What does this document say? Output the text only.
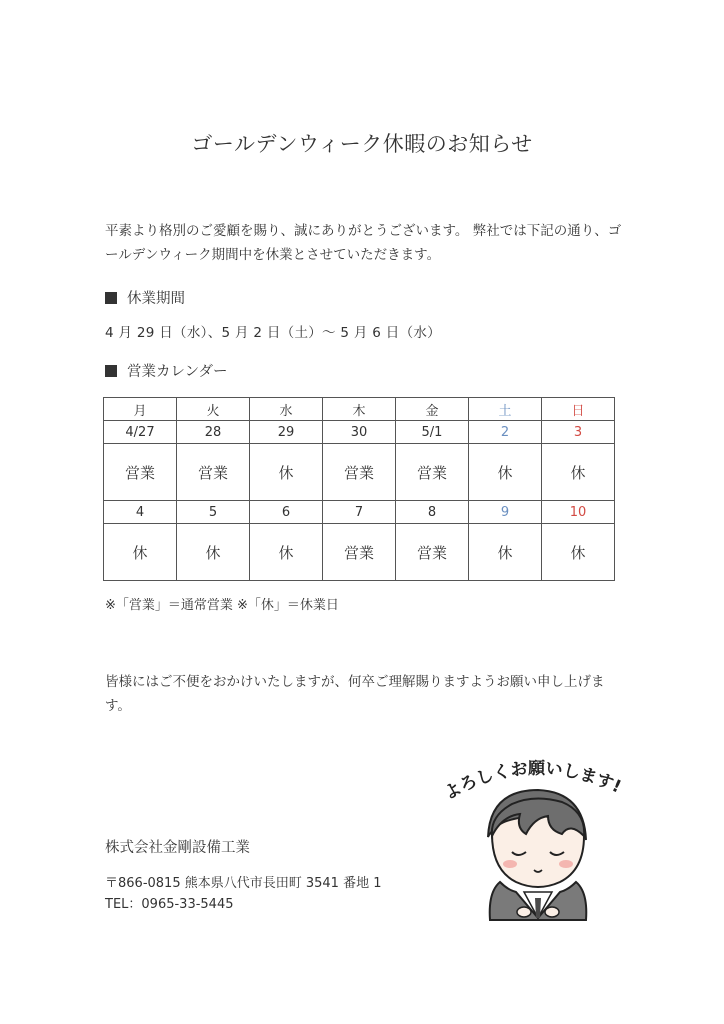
ゴールデンウィーク休暇のお知らせ
平素より格別のご愛顧を賜り、誠にありがとうございます。 弊社では下記の通り、ゴールデンウィーク期間中を休業とさせていただきます。
休業期間
4 月 29 日（水）、5 月 2 日（土）～ 5 月 6 日（水）
営業カレンダー
月	火	水	木	金	土	日
4/27	28	29	30	5/1	2	3
営業	営業	休	営業	営業	休	休
4	5	6	7	8	9	10
休	休	休	営業	営業	休	休
※「営業」＝通常営業 ※「休」＝休業日
皆様にはご不便をおかけいたしますが、何卒ご理解賜りますようお願い申し上げます。
よろしくお願いします!
株式会社金剛設備工業
〒866-0815 熊本県八代市長田町 3541 番地 1
TEL：0965-33-5445
